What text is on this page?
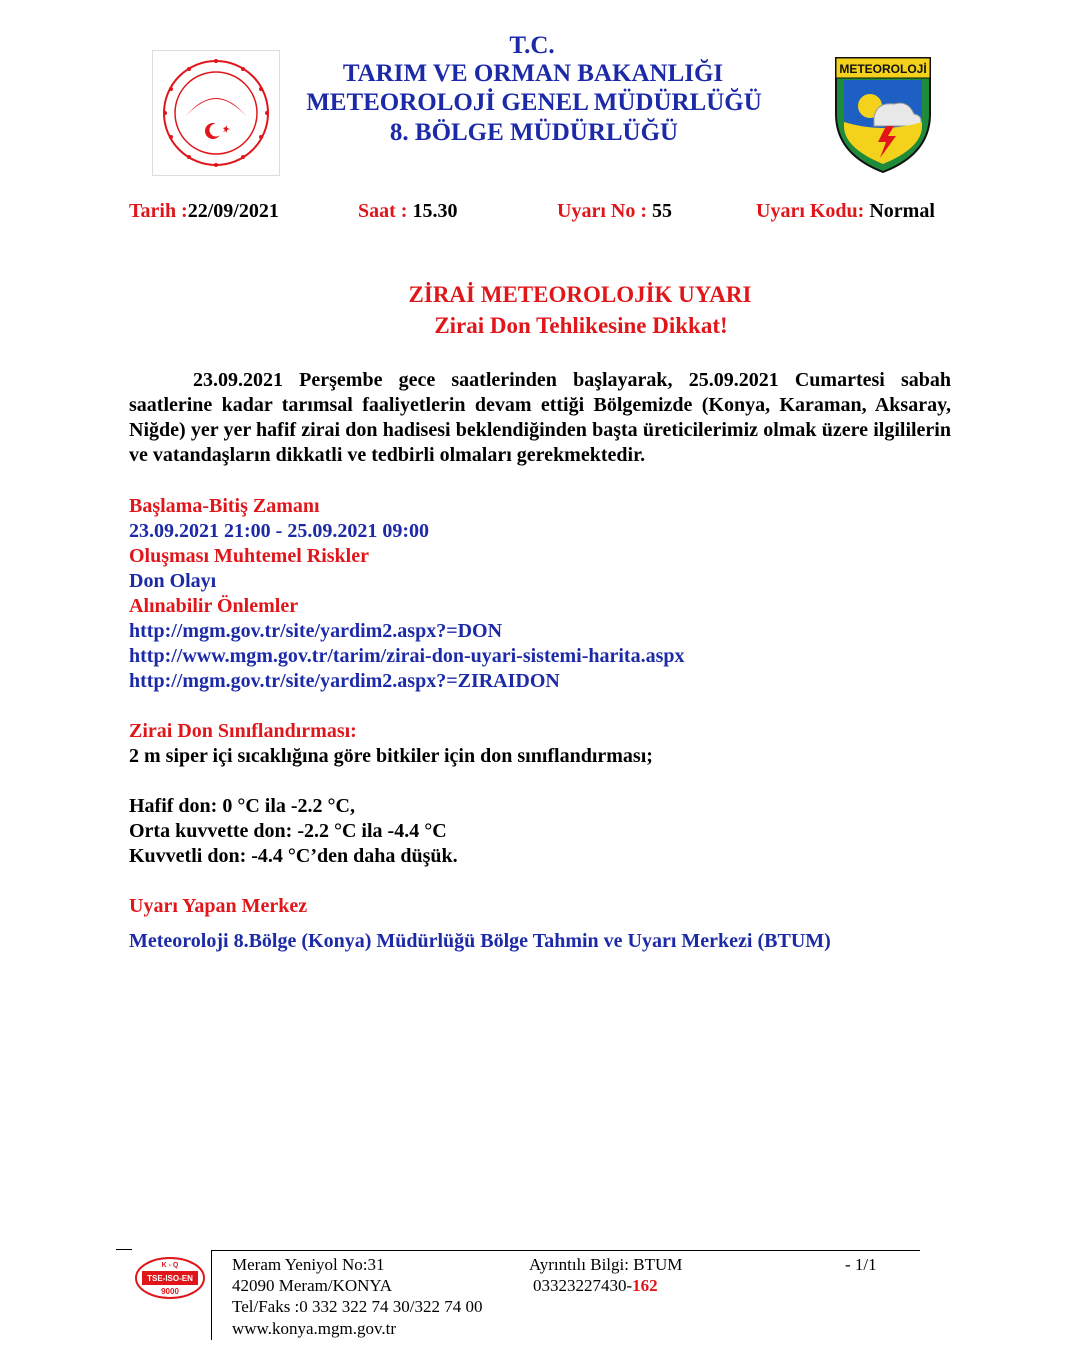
METEOROLOJİ
T.C.
TARIM VE ORMAN BAKANLIĞI
METEOROLOJİ GENEL MÜDÜRLÜĞÜ
8. BÖLGE MÜDÜRLÜĞÜ
Tarih :22/09/2021	Saat : 15.30	Uyarı No : 55	Uyarı Kodu: Normal
ZİRAİ METEOROLOJİK UYARI
Zirai Don Tehlikesine Dikkat!
23.09.2021 Perşembe gece saatlerinden başlayarak, 25.09.2021 Cumartesi sabah saatlerine kadar tarımsal faaliyetlerin devam ettiği Bölgemizde (Konya, Karaman, Aksaray, Niğde) yer yer hafif zirai don hadisesi beklendiğinden başta üreticilerimiz olmak üzere ilgililerin ve vatandaşların dikkatli ve tedbirli olmaları gerekmektedir.
Başlama-Bitiş Zamanı
23.09.2021 21:00 - 25.09.2021 09:00
Oluşması Muhtemel Riskler
Don Olayı
Alınabilir Önlemler
http://mgm.gov.tr/site/yardim2.aspx?=DON
http://www.mgm.gov.tr/tarim/zirai-don-uyari-sistemi-harita.aspx
http://mgm.gov.tr/site/yardim2.aspx?=ZIRAIDON
Zirai Don Sınıflandırması:
2 m siper içi sıcaklığına göre bitkiler için don sınıflandırması;
Hafif don: 0 °C ila -2.2 °C,
Orta kuvvette don: -2.2 °C ila -4.4 °C
Kuvvetli don: -4.4 °C’den daha düşük.
Uyarı Yapan Merkez
Meteoroloji 8.Bölge (Konya) Müdürlüğü Bölge Tahmin ve Uyarı Merkezi (BTUM)
K - Q
TSE-ISO-EN
9000
Meram Yeniyol No:31
42090 Meram/KONYA
Tel/Faks :0 332 322 74 30/322 74 00
www.konya.mgm.gov.tr
Ayrıntılı Bilgi: BTUM
03323227430-162
- 1/1
